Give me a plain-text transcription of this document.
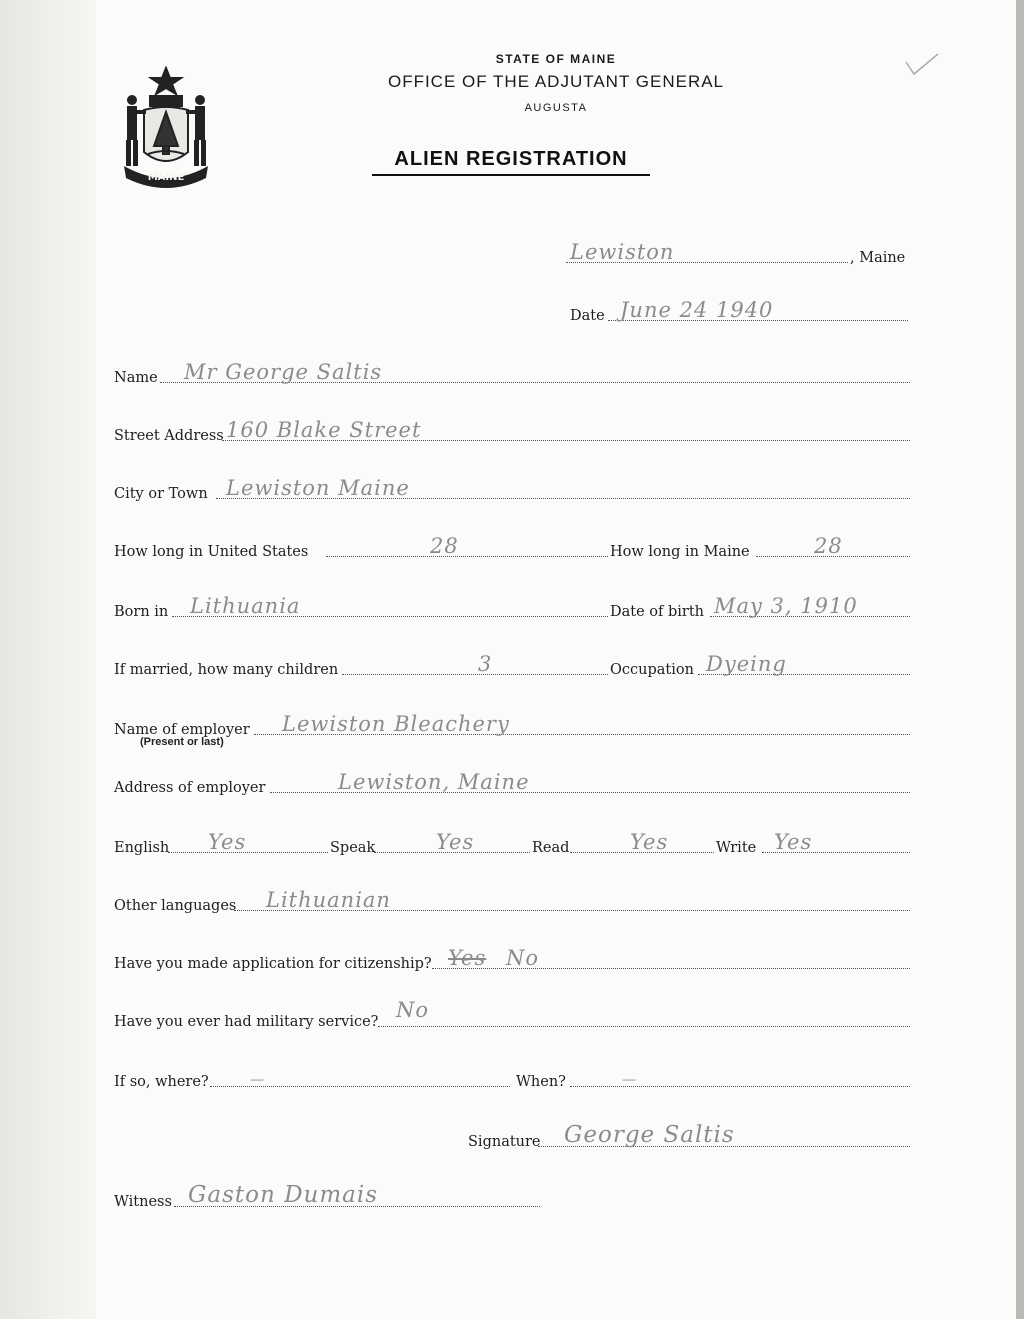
MAINE
STATE OF MAINE
OFFICE OF THE ADJUTANT GENERAL
AUGUSTA
ALIEN REGISTRATION
Lewiston	, Maine
Date June 24 1940
Name Mr George Saltis
Street Address 160 Blake Street
City or Town Lewiston Maine
How long in United States	28	How long in Maine	28
Born in Lithuania	Date of birth May 3, 1910
If married, how many children	3	Occupation Dyeing
Name of employer Lewiston Bleachery
(Present or last)
Address of employer	Lewiston, Maine
English Yes	Speak	Yes	Read	Yes	Write Yes
Other languages Lithuanian
Have you made application for citizenship? Yes No
Have you ever had military service? No
If so, where?	—	When?	—
Signature George Saltis
Witness Gaston Dumais
